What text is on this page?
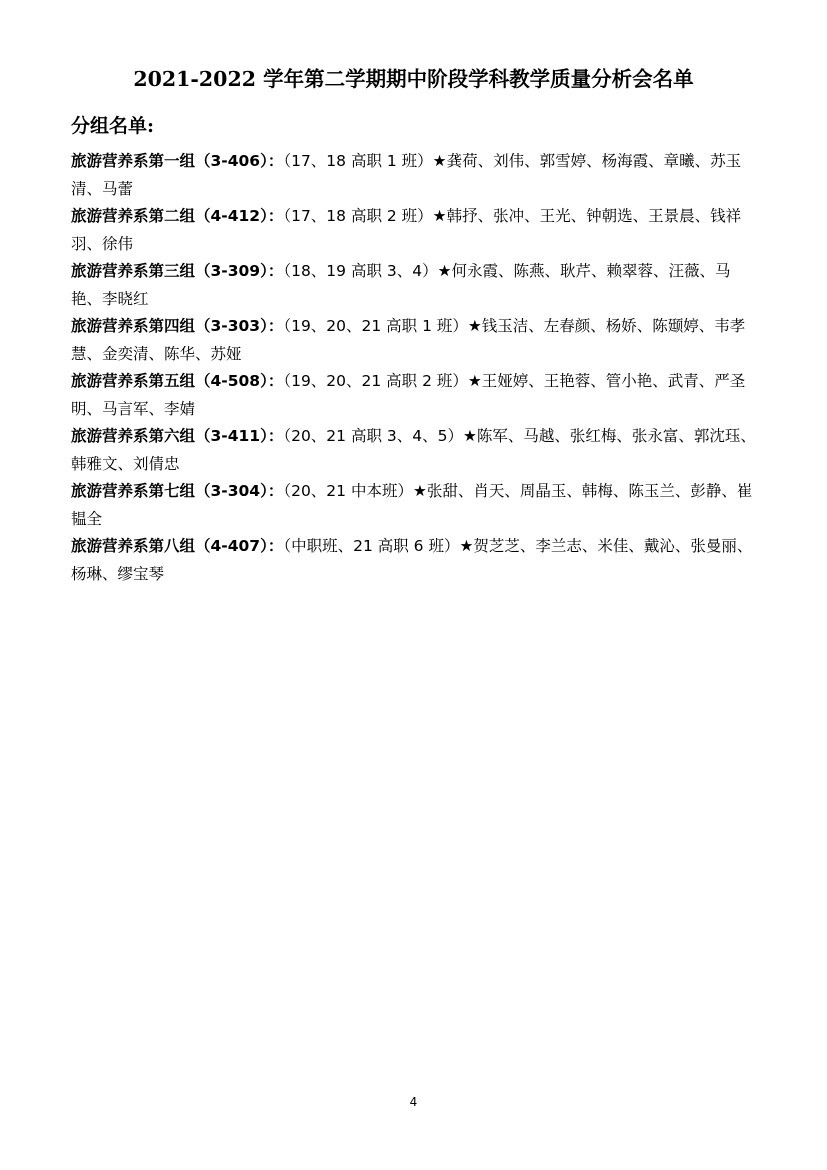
2021-2022 学年第二学期期中阶段学科教学质量分析会名单
分组名单:

旅游营养系第一组（3-406）：（17、18 高职 1 班）★龚荷、刘伟、郭雪婷、杨海霞、章曦、苏玉清、马蕾

旅游营养系第二组（4-412）：（17、18 高职 2 班）★韩抒、张冲、王光、钟朝选、王景晨、钱祥羽、徐伟

旅游营养系第三组（3-309）：（18、19 高职 3、4）★何永霞、陈燕、耿芹、赖翠蓉、汪薇、马艳、李晓红

旅游营养系第四组（3-303）：（19、20、21 高职 1 班）★钱玉洁、左春颜、杨娇、陈颋婷、韦孝慧、金奕清、陈华、苏娅

旅游营养系第五组（4-508）：（19、20、21 高职 2 班）★王娅婷、王艳蓉、管小艳、武青、严圣明、马言军、李婧

旅游营养系第六组（3-411）：（20、21 高职 3、4、5）★陈军、马越、张红梅、张永富、郭沈珏、韩雅文、刘倩忠

旅游营养系第七组（3-304）：（20、21 中本班）★张甜、肖天、周晶玉、韩梅、陈玉兰、彭静、崔韫全

旅游营养系第八组（4-407）：（中职班、21 高职 6 班）★贺芝芝、李兰志、米佳、戴沁、张曼丽、杨琳、缪宝琴

4
